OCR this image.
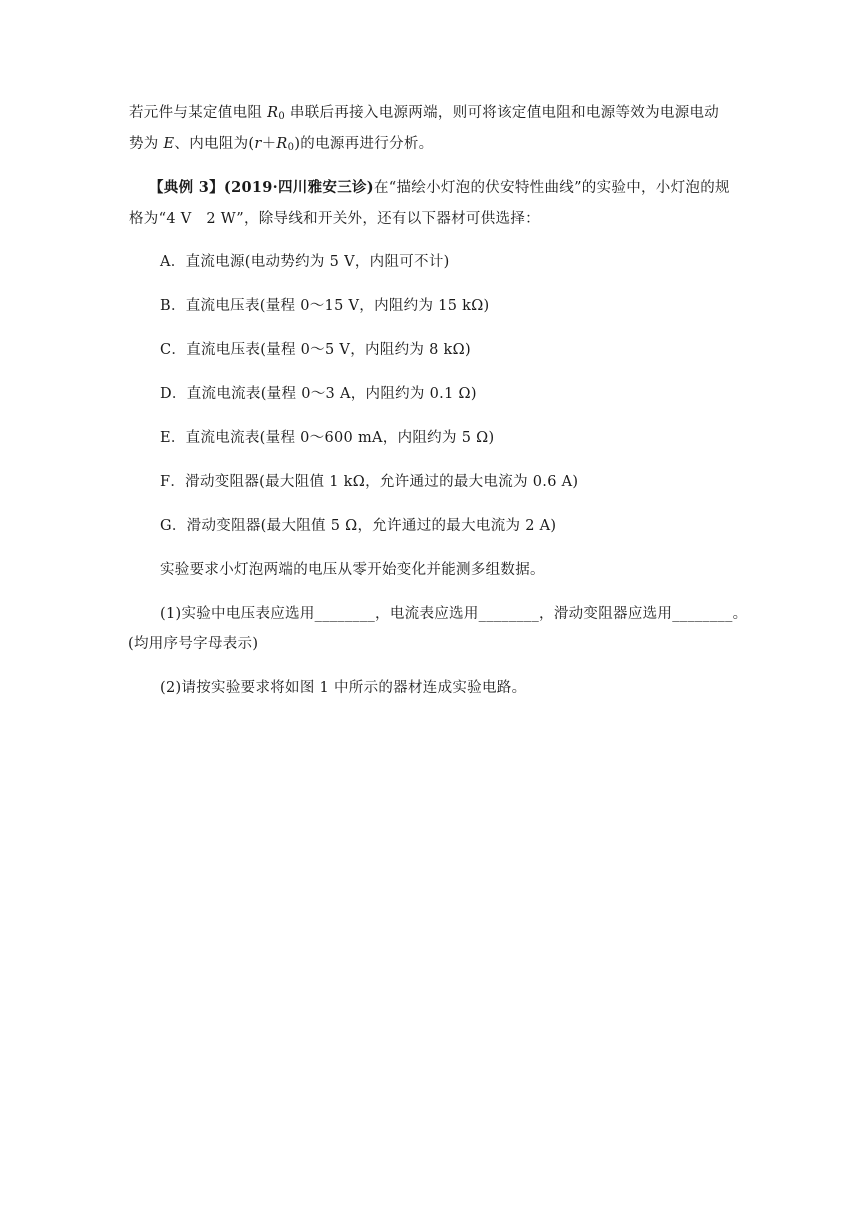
若元件与某定值电阻 $R_0$ 串联后再接入电源两端，则可将该定值电阻和电源等效为电源电动

势为 E、内电阻为$(r+R_0)$的电源再进行分析。

【典例 3】(2019·四川雅安三诊)在“描绘小灯泡的伏安特性曲线”的实验中，小灯泡的规

格为“4 V　2 W”，除导线和开关外，还有以下器材可供选择：

A．直流电源(电动势约为 5 V，内阻可不计)

B．直流电压表(量程 0～15 V，内阻约为 15 kΩ)

C．直流电压表(量程 0～5 V，内阻约为 8 kΩ)

D．直流电流表(量程 0～3 A，内阻约为 0.1 Ω)

E．直流电流表(量程 0～600 mA，内阻约为 5 Ω)

F．滑动变阻器(最大阻值 1 kΩ，允许通过的最大电流为 0.6 A)

G．滑动变阻器(最大阻值 5 Ω，允许通过的最大电流为 2 A)

实验要求小灯泡两端的电压从零开始变化并能测多组数据。

(1)实验中电压表应选用________，电流表应选用________，滑动变阻器应选用________。

(均用序号字母表示)

(2)请按实验要求将如图 1 中所示的器材连成实验电路。
